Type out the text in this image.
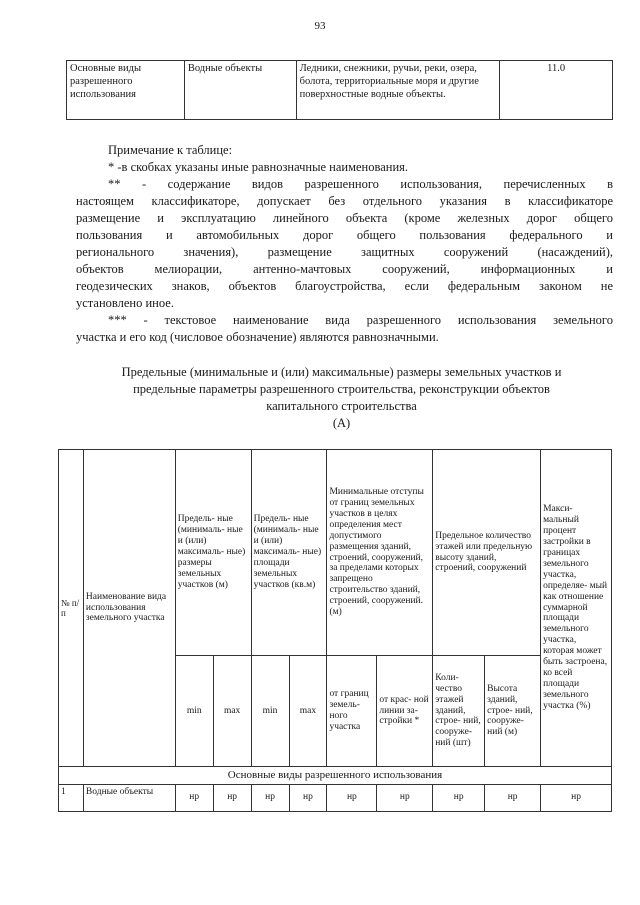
93
Основные виды разрешенного использования	Водные объекты	Ледники, снежники, ручьи, реки, озера, болота, территориальные моря и другие поверхностные водные объекты.	11.0
Примечание к таблице:
* -в скобках указаны иные равнозначные наименования.
** - содержание видов разрешенного использования, перечисленных в
настоящем классификаторе, допускает без отдельного указания в классификаторе
размещение и эксплуатацию линейного объекта (кроме железных дорог общего
пользования и автомобильных дорог общего пользования федерального и
регионального значения), размещение защитных сооружений (насаждений),
объектов мелиорации, антенно-мачтовых сооружений, информационных и
геодезических знаков, объектов благоустройства, если федеральным законом не
установлено иное.
*** - текстовое наименование вида разрешенного использования земельного
участка и его код (числовое обозначение) являются равнозначными.
Предельные (минимальные и (или) максимальные) размеры земельных участков и
предельные параметры разрешенного строительства, реконструкции объектов
капитального строительства
(А)
№ п/ п	Наименование вида использования земельного участка	Предель- ные (минималь- ные и (или) максималь- ные) размеры земельных участков (м)		Предель- ные (минималь- ные и (или) максималь- ные) площади земельных участков (кв.м)		Минимальные отступы от границ земельных участков в целях определения мест допустимого размещения зданий, строений, сооружений, за пределами которых запрещено строительство зданий, строений, сооружений. (м)		Предельное количество этажей или предельную высоту зданий, строений, сооружений		Макси- мальный процент застройки в границах земельного участка, определяе- мый как отношение суммарной площади земельного участка, которая может быть застроена, ко всей площади земельного участка (%)
		min	max	min	max	от границ земель- ного участка	от крас- ной линии за- стройки *	Коли- чество этажей зданий, строе- ний, сооруже- ний (шт)	Высота зданий, строе- ний, сооруже- ний (м)	
Основные виды разрешенного использования										
1	Водные объекты	нр	нр	нр	нр	нр	нр	нр	нр	нр
